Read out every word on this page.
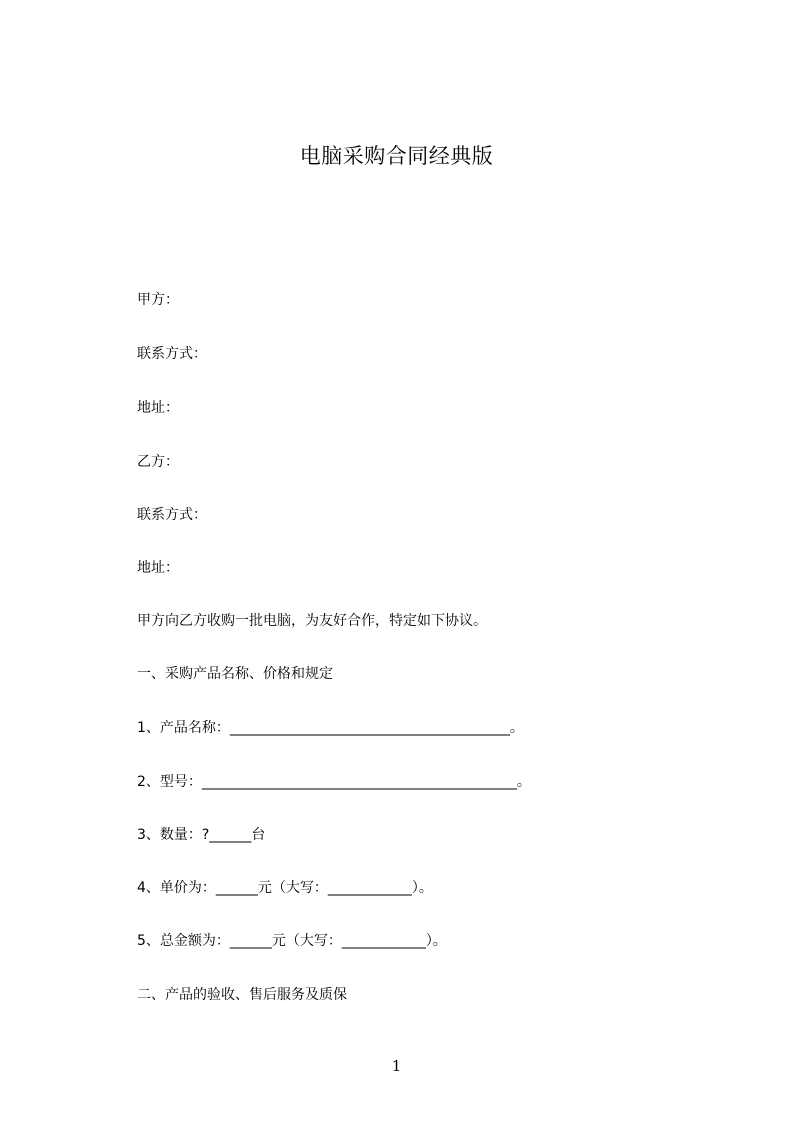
电脑采购合同经典版
甲方：
联系方式：
地址：
乙方：
联系方式：
地址：
甲方向乙方收购一批电脑，为友好合作，特定如下协议。
一、采购产品名称、价格和规定
1、产品名称：________________________________________。
2、型号：_____________________________________________。
3、数量：?______台
4、单价为：______元（大写：____________）。
5、总金额为：______元（大写：____________）。
二、产品的验收、售后服务及质保
1
